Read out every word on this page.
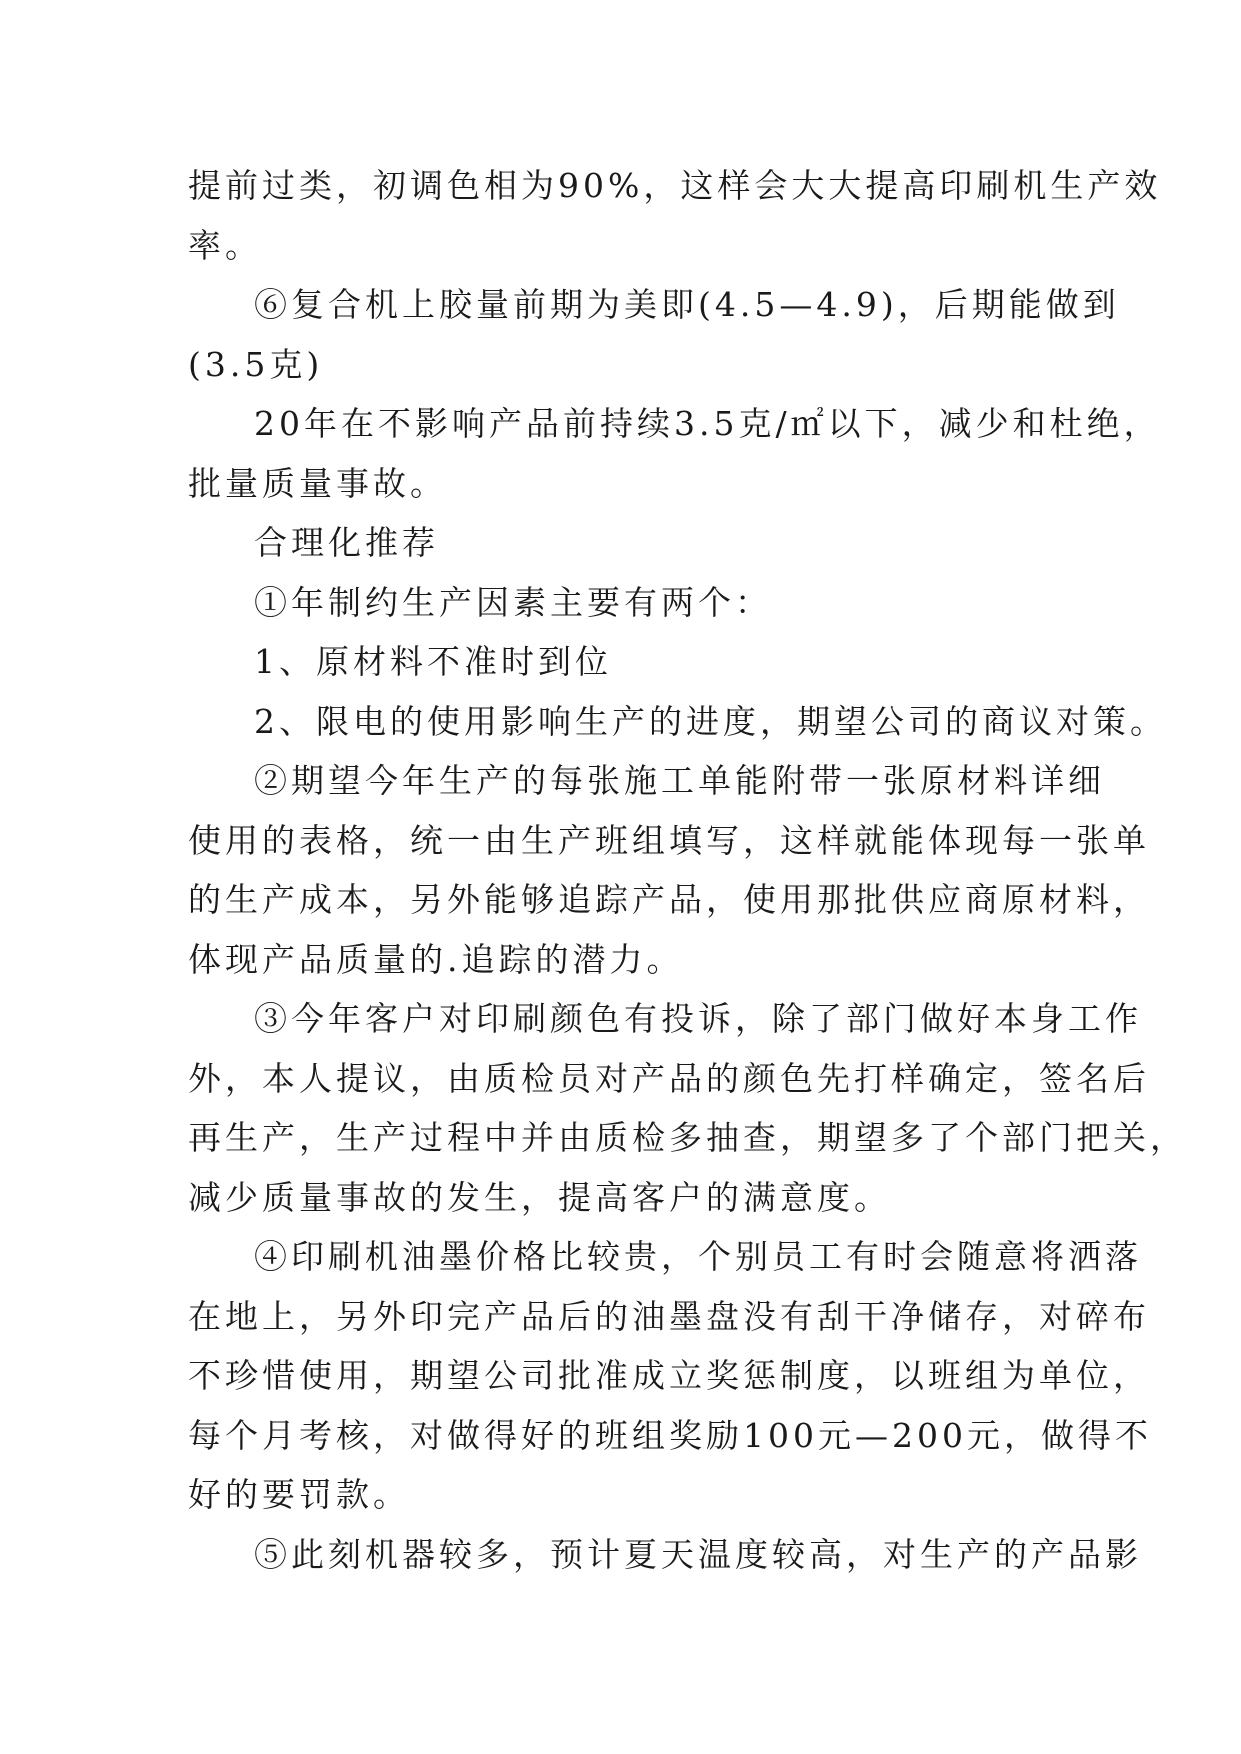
提前过类，初调色相为90%，这样会大大提高印刷机生产效
率。
⑥复合机上胶量前期为美即(4.5—4.9)，后期能做到
(3.5克)
20年在不影响产品前持续3.5克/㎡以下，减少和杜绝，
批量质量事故。
合理化推荐
①年制约生产因素主要有两个：
1、原材料不准时到位
2、限电的使用影响生产的进度，期望公司的商议对策。
②期望今年生产的每张施工单能附带一张原材料详细
使用的表格，统一由生产班组填写，这样就能体现每一张单
的生产成本，另外能够追踪产品，使用那批供应商原材料，
体现产品质量的.追踪的潜力。
③今年客户对印刷颜色有投诉，除了部门做好本身工作
外，本人提议，由质检员对产品的颜色先打样确定，签名后
再生产，生产过程中并由质检多抽查，期望多了个部门把关，
减少质量事故的发生，提高客户的满意度。
④印刷机油墨价格比较贵，个别员工有时会随意将洒落
在地上，另外印完产品后的油墨盘没有刮干净储存，对碎布
不珍惜使用，期望公司批准成立奖惩制度，以班组为单位，
每个月考核，对做得好的班组奖励100元—200元，做得不
好的要罚款。
⑤此刻机器较多，预计夏天温度较高，对生产的产品影
